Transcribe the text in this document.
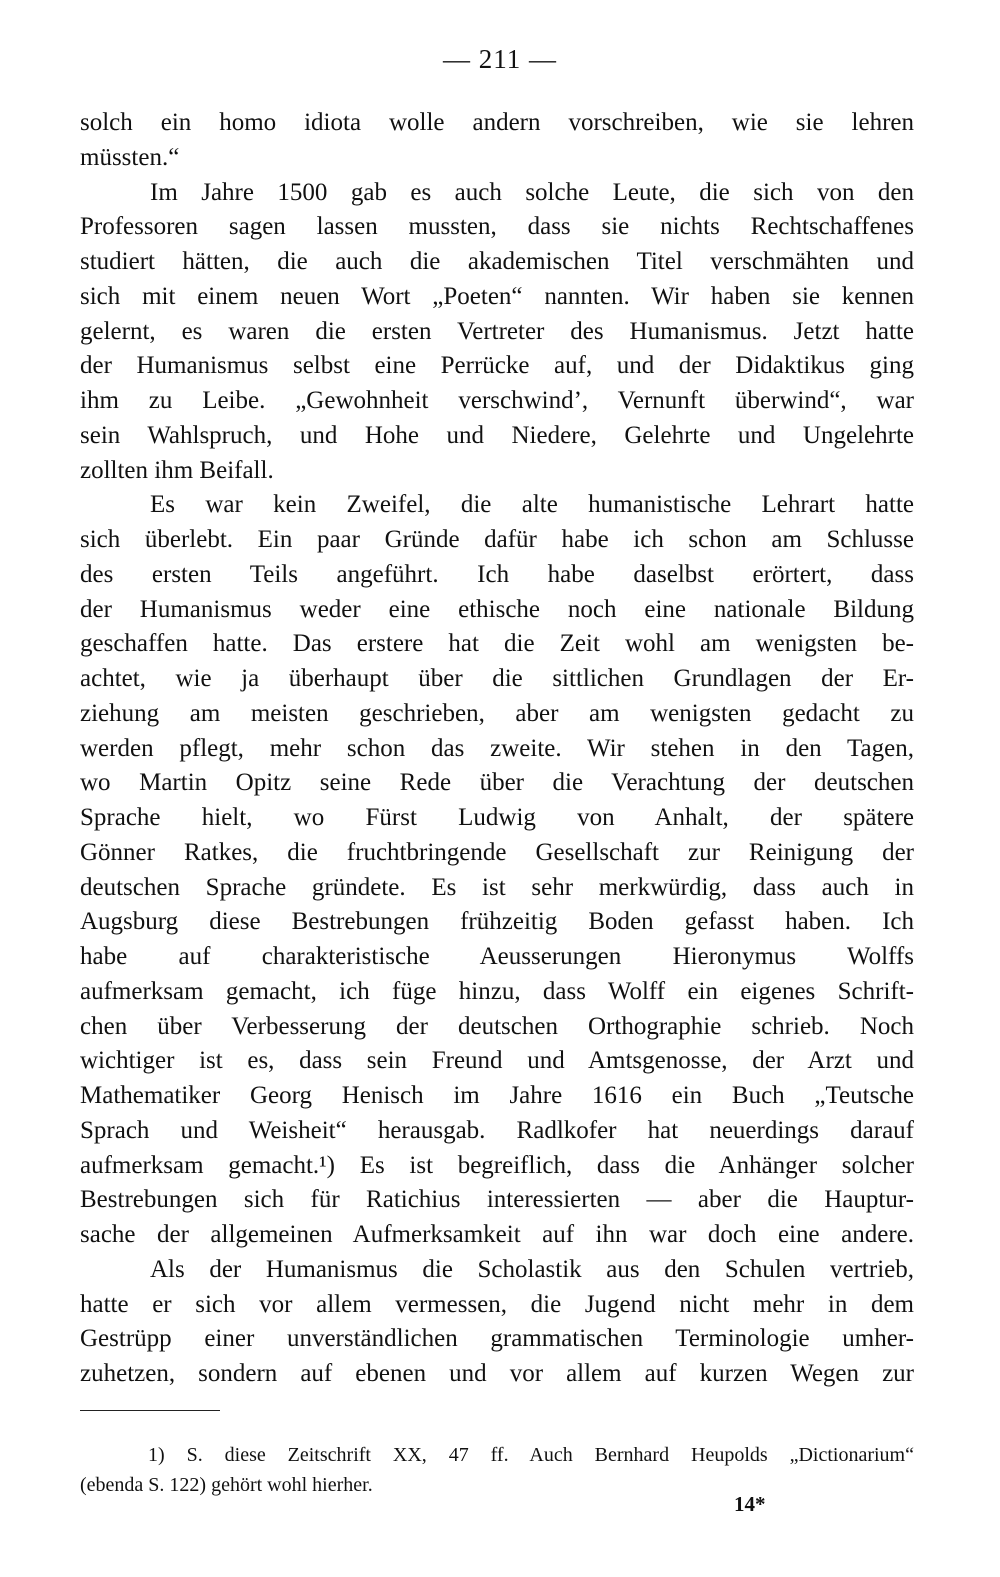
— 211 —
solch ein homo idiota wolle andern vorschreiben, wie sie lehren
müssten.“
Im Jahre 1500 gab es auch solche Leute, die sich von den
Professoren sagen lassen mussten, dass sie nichts Rechtschaffenes
studiert hätten, die auch die akademischen Titel verschmähten und
sich mit einem neuen Wort „Poeten“ nannten. Wir haben sie kennen
gelernt, es waren die ersten Vertreter des Humanismus. Jetzt hatte
der Humanismus selbst eine Perrücke auf, und der Didaktikus ging
ihm zu Leibe. „Gewohnheit verschwind’, Vernunft überwind“, war
sein Wahlspruch, und Hohe und Niedere, Gelehrte und Ungelehrte
zollten ihm Beifall.
Es war kein Zweifel, die alte humanistische Lehrart hatte
sich überlebt. Ein paar Gründe dafür habe ich schon am Schlusse
des ersten Teils angeführt. Ich habe daselbst erörtert, dass
der Humanismus weder eine ethische noch eine nationale Bildung
geschaffen hatte. Das erstere hat die Zeit wohl am wenigsten be-
achtet, wie ja überhaupt über die sittlichen Grundlagen der Er-
ziehung am meisten geschrieben, aber am wenigsten gedacht zu
werden pflegt, mehr schon das zweite. Wir stehen in den Tagen,
wo Martin Opitz seine Rede über die Verachtung der deutschen
Sprache hielt, wo Fürst Ludwig von Anhalt, der spätere
Gönner Ratkes, die fruchtbringende Gesellschaft zur Reinigung der
deutschen Sprache gründete. Es ist sehr merkwürdig, dass auch in
Augsburg diese Bestrebungen frühzeitig Boden gefasst haben. Ich
habe auf charakteristische Aeusserungen Hieronymus Wolffs
aufmerksam gemacht, ich füge hinzu, dass Wolff ein eigenes Schrift-
chen über Verbesserung der deutschen Orthographie schrieb. Noch
wichtiger ist es, dass sein Freund und Amtsgenosse, der Arzt und
Mathematiker Georg Henisch im Jahre 1616 ein Buch „Teutsche
Sprach und Weisheit“ herausgab. Radlkofer hat neuerdings darauf
aufmerksam gemacht.¹) Es ist begreiflich, dass die Anhänger solcher
Bestrebungen sich für Ratichius interessierten — aber die Hauptur-
sache der allgemeinen Aufmerksamkeit auf ihn war doch eine andere.
Als der Humanismus die Scholastik aus den Schulen vertrieb,
hatte er sich vor allem vermessen, die Jugend nicht mehr in dem
Gestrüpp einer unverständlichen grammatischen Terminologie umher-
zuhetzen, sondern auf ebenen und vor allem auf kurzen Wegen zur
1) S. diese Zeitschrift XX, 47 ff. Auch Bernhard Heupolds „Dictionarium“
(ebenda S. 122) gehört wohl hierher.
14*
